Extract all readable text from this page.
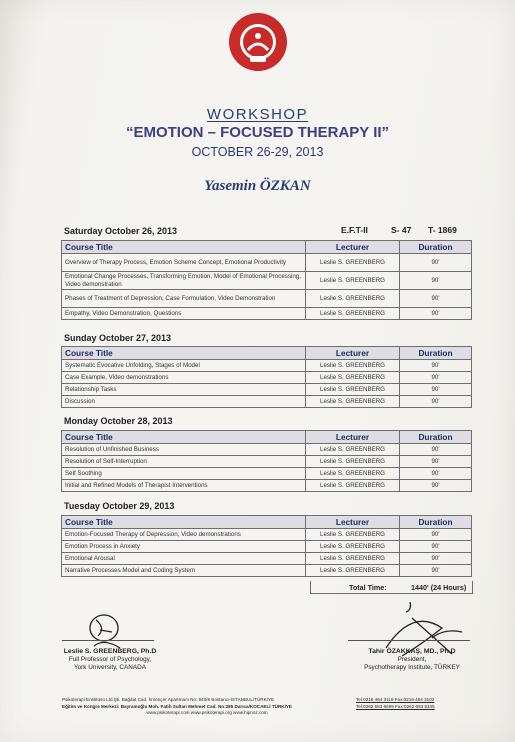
WORKSHOP
“EMOTION – FOCUSED THERAPY II”
OCTOBER 26-29, 2013
Yasemin ÖZKAN
Saturday October 26, 2013	E.F.T-II	S- 47 T- 1869
Course Title	Lecturer	Duration
Overview of Therapy Process, Emotion Scheme Concept, Emotional Productivity	Leslie S. GREENBERG	90'
Emotional Change Processes, Transforming Emotion, Model of Emotional Processing, Video demonstration	Leslie S. GREENBERG	90'
Phases of Treatment of Depression, Case Formulation, Video Demonstration	Leslie S. GREENBERG	90'
Empathy, Video Demonstration, Questions	Leslie S. GREENBERG	90'
Sunday October 27, 2013
Course Title	Lecturer	Duration
Systematic Evocative Unfolding, Stages of Model	Leslie S. GREENBERG	90'
Case Example, Video demonstrations	Leslie S. GREENBERG	90'
Relationship Tasks	Leslie S. GREENBERG	90'
Discussion	Leslie S. GREENBERG	90'
Monday October 28, 2013
Course Title	Lecturer	Duration
Resolution of Unfinished Business	Leslie S. GREENBERG	90'
Resolution of Self-Interruption	Leslie S. GREENBERG	90'
Self Soothing	Leslie S. GREENBERG	90'
Initial and Refined Models of Therapist Interventions	Leslie S. GREENBERG	90'
Tuesday October 29, 2013
Course Title	Lecturer	Duration
Emotion-Focused Therapy of Depression, Video demonstrations	Leslie S. GREENBERG	90'
Emotion Process in Anxiety	Leslie S. GREENBERG	90'
Emotional Arousal	Leslie S. GREENBERG	90'
Narrative Processes Model and Coding System	Leslie S. GREENBERG	90'
Total Time:	1440' (24 Hours)
Leslie S. GREENBERG, Ph.D
Full Professor of Psychology,
York University, CANADA
Tahir ÖZAKKAŞ, MD., Ph.D
President,
Psychotherapy Institute, TÜRKEY
Psikoterapi Enstitüsü Ltd.Şti. Bağdat Cad. İmrençer Apartmanı No: 540/8 Bostancı-İSTANBUL/TÜRKİYE
Eğitim ve Kongre Merkezi: Bayramoğlu Moh. Fatih Sultan Mehmet Cad. No:285 Darıca/KOCAELİ TÜRKİYE
www.psikoterapi.com www.psikoterapi.org www.hipnoz.com
Tel:0216 464 3119 Fax:0216 464 3102
Tel:0262 653 6699 Fax:0262 653 5345
